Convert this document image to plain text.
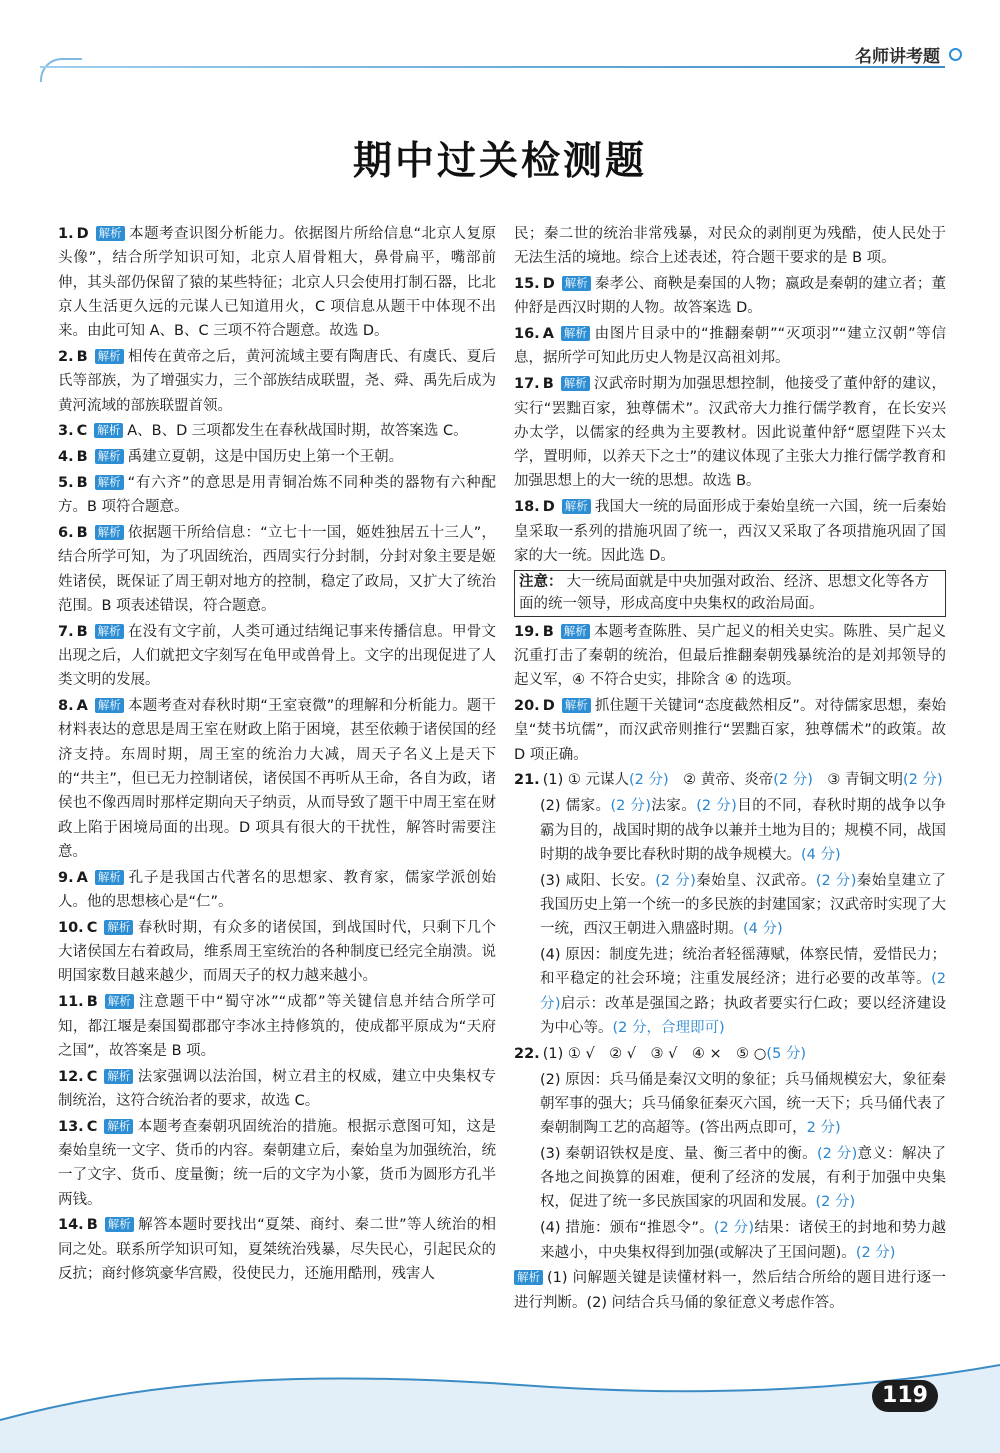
名师讲考题
期中过关检测题

1. D 解析 本题考查识图分析能力。依据图片所给信息“北京人复原头像”，结合所学知识可知，北京人眉骨粗大，鼻骨扁平，嘴部前伸，其头部仍保留了猿的某些特征；北京人只会使用打制石器，比北京人生活更久远的元谋人已知道用火，C 项信息从题干中体现不出来。由此可知 A、B、C 三项不符合题意。故选 D。

2. B 解析 相传在黄帝之后，黄河流域主要有陶唐氏、有虞氏、夏后氏等部族，为了增强实力，三个部族结成联盟，尧、舜、禹先后成为黄河流域的部族联盟首领。

3. C 解析 A、B、D 三项都发生在春秋战国时期，故答案选 C。

4. B 解析 禹建立夏朝，这是中国历史上第一个王朝。

5. B 解析 “有六齐”的意思是用青铜冶炼不同种类的器物有六种配方。B 项符合题意。

6. B 解析 依据题干所给信息：“立七十一国，姬姓独居五十三人”，结合所学可知，为了巩固统治，西周实行分封制，分封对象主要是姬姓诸侯，既保证了周王朝对地方的控制，稳定了政局，又扩大了统治范围。B 项表述错误，符合题意。

7. B 解析 在没有文字前，人类可通过结绳记事来传播信息。甲骨文出现之后，人们就把文字刻写在龟甲或兽骨上。文字的出现促进了人类文明的发展。

8. A 解析 本题考查对春秋时期“王室衰微”的理解和分析能力。题干材料表达的意思是周王室在财政上陷于困境，甚至依赖于诸侯国的经济支持。东周时期，周王室的统治力大减，周天子名义上是天下的“共主”，但已无力控制诸侯，诸侯国不再听从王命，各自为政，诸侯也不像西周时那样定期向天子纳贡，从而导致了题干中周王室在财政上陷于困境局面的出现。D 项具有很大的干扰性，解答时需要注意。

9. A 解析 孔子是我国古代著名的思想家、教育家，儒家学派创始人。他的思想核心是“仁”。

10. C 解析 春秋时期，有众多的诸侯国，到战国时代，只剩下几个大诸侯国左右着政局，维系周王室统治的各种制度已经完全崩溃。说明国家数目越来越少，而周天子的权力越来越小。

11. B 解析 注意题干中“蜀守冰”“成都”等关键信息并结合所学可知，都江堰是秦国蜀郡郡守李冰主持修筑的，使成都平原成为“天府之国”，故答案是 B 项。

12. C 解析 法家强调以法治国，树立君主的权威，建立中央集权专制统治，这符合统治者的要求，故选 C。

13. C 解析 本题考查秦朝巩固统治的措施。根据示意图可知，这是秦始皇统一文字、货币的内容。秦朝建立后，秦始皇为加强统治，统一了文字、货币、度量衡；统一后的文字为小篆，货币为圆形方孔半两钱。

14. B 解析 解答本题时要找出“夏桀、商纣、秦二世”等人统治的相同之处。联系所学知识可知，夏桀统治残暴，尽失民心，引起民众的反抗；商纣修筑豪华宫殿，役使民力，还施用酷刑，残害人

民；秦二世的统治非常残暴，对民众的剥削更为残酷，使人民处于无法生活的境地。综合上述表述，符合题干要求的是 B 项。

15. D 解析 秦孝公、商鞅是秦国的人物；嬴政是秦朝的建立者；董仲舒是西汉时期的人物。故答案选 D。

16. A 解析 由图片目录中的“推翻秦朝”“灭项羽”“建立汉朝”等信息，据所学可知此历史人物是汉高祖刘邦。

17. B 解析 汉武帝时期为加强思想控制，他接受了董仲舒的建议，实行“罢黜百家，独尊儒术”。汉武帝大力推行儒学教育，在长安兴办太学，以儒家的经典为主要教材。因此说董仲舒“愿望陛下兴太学，置明师，以养天下之士”的建议体现了主张大力推行儒学教育和加强思想上的大一统的思想。故选 B。

18. D 解析 我国大一统的局面形成于秦始皇统一六国，统一后秦始皇采取一系列的措施巩固了统一，西汉又采取了各项措施巩固了国家的大一统。因此选 D。

注意： 大一统局面就是中央加强对政治、经济、思想文化等各方面的统一领导，形成高度中央集权的政治局面。

19. B 解析 本题考查陈胜、吴广起义的相关史实。陈胜、吴广起义沉重打击了秦朝的统治，但最后推翻秦朝残暴统治的是刘邦领导的起义军，④ 不符合史实，排除含 ④ 的选项。

20. D 解析 抓住题干关键词“态度截然相反”。对待儒家思想，秦始皇“焚书坑儒”，而汉武帝则推行“罢黜百家，独尊儒术”的政策。故 D 项正确。

21. (1) ① 元谋人(2 分)　 ② 黄帝、炎帝(2 分)　 ③ 青铜文明(2 分)

(2) 儒家。(2 分)法家。(2 分)目的不同，春秋时期的战争以争霸为目的，战国时期的战争以兼并土地为目的；规模不同，战国时期的战争要比春秋时期的战争规模大。(4 分)

(3) 咸阳、长安。(2 分)秦始皇、汉武帝。(2 分)秦始皇建立了我国历史上第一个统一的多民族的封建国家；汉武帝时实现了大一统，西汉王朝进入鼎盛时期。(4 分)

(4) 原因：制度先进；统治者轻徭薄赋，体察民情，爱惜民力；和平稳定的社会环境；注重发展经济；进行必要的改革等。(2 分)启示：改革是强国之路；执政者要实行仁政；要以经济建设为中心等。(2 分，合理即可)

22. (1) ① √　② √　③ √　④ ×　⑤ ○(5 分)

(2) 原因：兵马俑是秦汉文明的象征；兵马俑规模宏大，象征秦朝军事的强大；兵马俑象征秦灭六国，统一天下；兵马俑代表了秦朝制陶工艺的高超等。(答出两点即可，2 分)

(3) 秦朝诏铁权是度、量、衡三者中的衡。(2 分)意义：解决了各地之间换算的困难，便利了经济的发展，有利于加强中央集权，促进了统一多民族国家的巩固和发展。(2 分)

(4) 措施：颁布“推恩令”。(2 分)结果：诸侯王的封地和势力越来越小，中央集权得到加强(或解决了王国问题)。(2 分)

解析 (1) 问解题关键是读懂材料一，然后结合所给的题目进行逐一进行判断。(2) 问结合兵马俑的象征意义考虑作答。

119
